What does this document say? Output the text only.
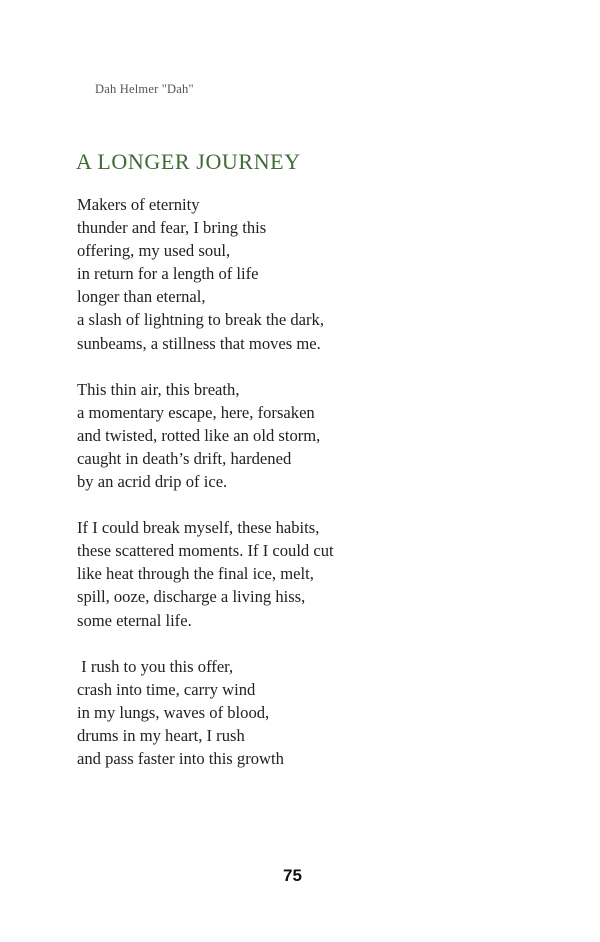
Dah Helmer "Dah"
A LONGER JOURNEY
Makers of eternity
thunder and fear, I bring this
offering, my used soul,
in return for a length of life
longer than eternal,
a slash of lightning to break the dark,
sunbeams, a stillness that moves me.
This thin air, this breath,
a momentary escape, here, forsaken
and twisted, rotted like an old storm,
caught in death’s drift, hardened
by an acrid drip of ice.
If I could break myself, these habits,
these scattered moments. If I could cut
like heat through the final ice, melt,
spill, ooze, discharge a living hiss,
some eternal life.
I rush to you this offer,
crash into time, carry wind
in my lungs, waves of blood,
drums in my heart, I rush
and pass faster into this growth
75
